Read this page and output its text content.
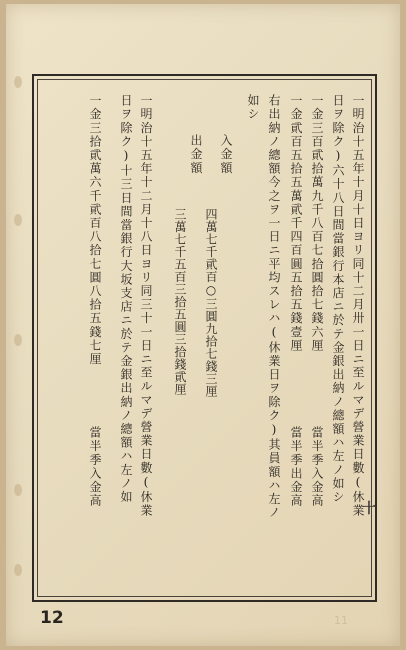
一明治十五年十月十日ヨリ同十二月卅一日ニ至ルマデ營業日數(休業
日ヲ除ク)六十八日間當銀行本店ニ於テ金銀出納ノ總額ハ左ノ如シ
一金三百貮拾萬九千八百七拾圓拾七錢六厘
一金貮百五拾五萬貮千四百圓五拾五錢壹厘
右出納ノ總額今之ヲ一日ニ平均スレハ(休業日ヲ除ク)其員額ハ左ノ
如シ
當半季入金高
當半季出金高
入金額
四萬七千貮百○三圓九拾七錢三厘
出金額
三萬七千五百三拾五圓三拾錢貮厘
一明治十五年十二月十八日ヨリ同三十一日ニ至ルマデ營業日數(休業
日ヲ除ク)十三日間當銀行大坂支店ニ於テ金銀出納ノ總額ハ左ノ如
一金三拾貮萬六千貮百八拾七圓八拾五錢七厘
當半季入金高
十
12	11
